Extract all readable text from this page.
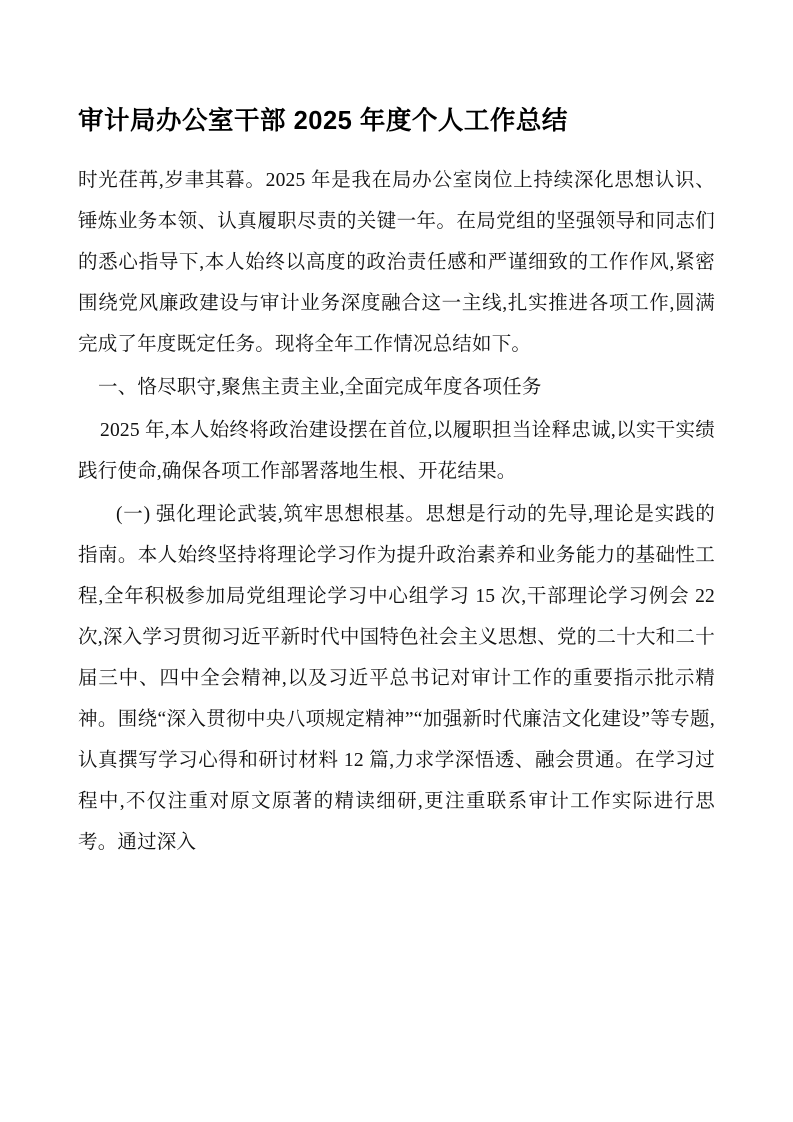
审计局办公室干部 2025 年度个人工作总结

时光荏苒,岁聿其暮。2025 年是我在局办公室岗位上持续深化思想认识、锤炼业务本领、认真履职尽责的关键一年。在局党组的坚强领导和同志们的悉心指导下,本人始终以高度的政治责任感和严谨细致的工作作风,紧密围绕党风廉政建设与审计业务深度融合这一主线,扎实推进各项工作,圆满完成了年度既定任务。现将全年工作情况总结如下。

一、恪尽职守,聚焦主责主业,全面完成年度各项任务

2025 年,本人始终将政治建设摆在首位,以履职担当诠释忠诚,以实干实绩践行使命,确保各项工作部署落地生根、开花结果。

(一) 强化理论武装,筑牢思想根基。思想是行动的先导,理论是实践的指南。本人始终坚持将理论学习作为提升政治素养和业务能力的基础性工程,全年积极参加局党组理论学习中心组学习 15 次,干部理论学习例会 22 次,深入学习贯彻习近平新时代中国特色社会主义思想、党的二十大和二十届三中、四中全会精神,以及习近平总书记对审计工作的重要指示批示精神。围绕“深入贯彻中央八项规定精神”“加强新时代廉洁文化建设”等专题,认真撰写学习心得和研讨材料 12 篇,力求学深悟透、融会贯通。在学习过程中,不仅注重对原文原著的精读细研,更注重联系审计工作实际进行思考。通过深入
